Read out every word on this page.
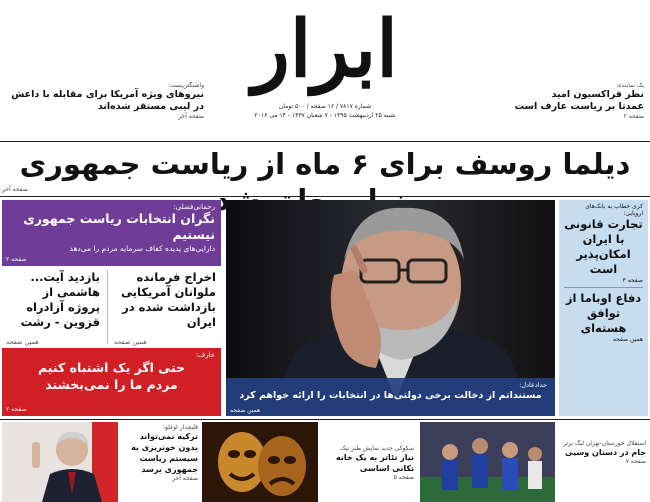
واشنگتن‌پست:
نیروهای ویژه آمریکا برای مقابله با داعش
در لیبی مستقر شده‌اند
صفحه آخر
ابرار
شماره ۷۸۱۷ / ۱۶ صفحه / ۵۰۰ تومان
شنبه ۲۵ اردیبهشت ۱۳۹۵ - ۷ شعبان ۱۴۳۷ - ۱۴ می ۲۰۱۶
یک نماینده:
نظر فراکسیون امید
عمدتا بر ریاست عارف است
صفحه ۲
دیلما روسف برای ۶ ماه از ریاست جمهوری
صفحه آخر
رحمانی‌فضلی:
نگران انتخابات ریاست جمهوری نیستیم
دارایی‌های پدیده کفاف سرمایه مردم را می‌دهد
صفحه ۲
اخراج فرمانده ملوانان آمریکایی بازداشت شده در ایران
همین صفحه
بازدید آیت... هاشمی از پروژه آزادراه قزوین - رشت
همین صفحه
عارف:
حتی اگر یک اشتباه کنیم
مردم ما را نمی‌بخشند
صفحه ۲
حداد‌عادل:
مستنداتم از دخالت برخی دولتی‌ها در انتخابات را ارائه خواهم کرد
همین صفحه
کری خطاب به بانک‌های اروپایی:
تجارت قانونی با ایران امکان‌پذیر است
صفحه ۳
دفاع اوباما از توافق هسته‌ای
همین صفحه
استقلال خوزستان-تهران لیگ برتر
جام در دستان وسیی
صفحه ۷
سکوکی جدید نمایش طنز نیک
نیاز تئاتر به یک خانه تکانی اساسی
صفحه ۵
قلیچدار اوغلو:
ترکیه نمی‌تواند بدون خونریزی به سیستم ریاست جمهوری برسد
صفحه آخر
